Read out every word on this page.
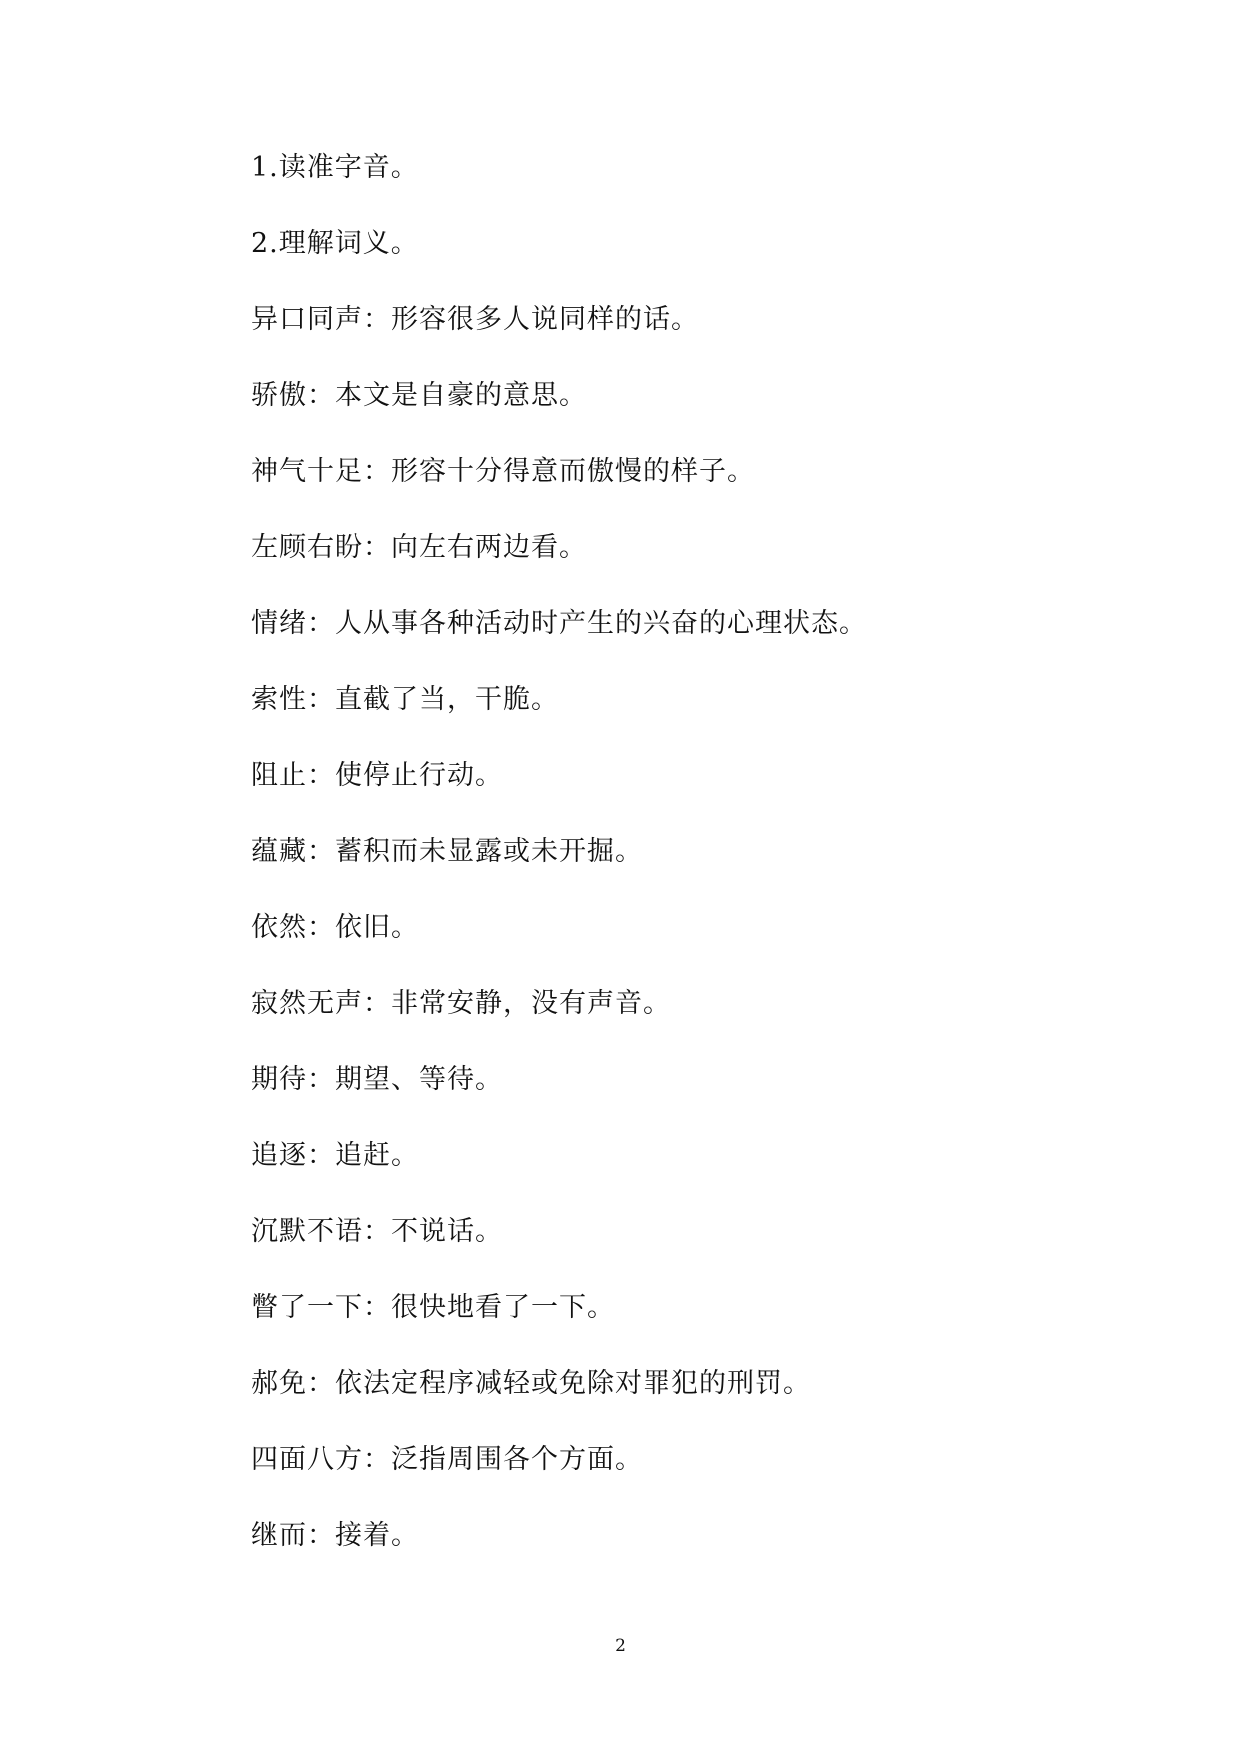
1.读准字音。
2.理解词义。
异口同声：形容很多人说同样的话。
骄傲：本文是自豪的意思。
神气十足：形容十分得意而傲慢的样子。
左顾右盼：向左右两边看。
情绪：人从事各种活动时产生的兴奋的心理状态。
索性：直截了当，干脆。
阻止：使停止行动。
蕴藏：蓄积而未显露或未开掘。
依然：依旧。
寂然无声：非常安静，没有声音。
期待：期望、等待。
追逐：追赶。
沉默不语：不说话。
瞥了一下：很快地看了一下。
郝免：依法定程序减轻或免除对罪犯的刑罚。
四面八方：泛指周围各个方面。
继而：接着。
2
